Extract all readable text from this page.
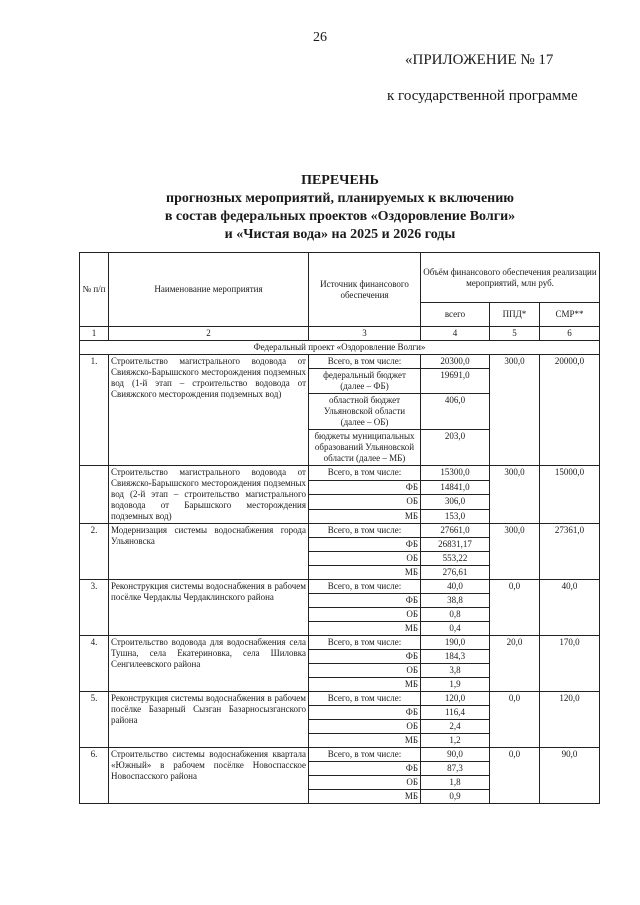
26
«ПРИЛОЖЕНИЕ № 17
к государственной программе
ПЕРЕЧЕНЬ
прогнозных мероприятий, планируемых к включению
в состав федеральных проектов «Оздоровление Волги»
и «Чистая вода» на 2025 и 2026 годы
№ п/п	Наименование мероприятия	Источник финансового обеспечения	Объём финансового обеспечения реализации мероприятий, млн руб.		
			всего	ППД*	СМР**
1	2	3	4	5	6
Федеральный проект «Оздоровление Волги»					
1.	Строительство магистрального водовода от Свияжско-Барышского месторождения подземных вод (1-й этап – строительство водовода от Свияжского месторождения подземных вод)	Всего, в том числе:	20300,0	300,0	20000,0
		федеральный бюджет (далее – ФБ)	19691,0		
		областной бюджет Ульяновской области (далее – ОБ)	406,0		
		бюджеты муниципальных образований Ульяновской области (далее – МБ)	203,0		
	Строительство магистрального водовода от Свияжско-Барышского месторождения подземных вод (2-й этап – строительство магистрального водовода от Барышского месторождения подземных вод)	Всего, в том числе:	15300,0	300,0	15000,0
		ФБ	14841,0		
		ОБ	306,0		
		МБ	153,0		
2.	Модернизация системы водоснабжения города Ульяновска	Всего, в том числе:	27661,0	300,0	27361,0
		ФБ	26831,17		
		ОБ	553,22		
		МБ	276,61		
3.	Реконструкция системы водоснабжения в рабочем посёлке Чердаклы Чердаклинского района	Всего, в том числе:	40,0	0,0	40,0
		ФБ	38,8		
		ОБ	0,8		
		МБ	0,4		
4.	Строительство водовода для водоснабжения села Тушна, села Екатериновка, села Шиловка Сенгилеевского района	Всего, в том числе:	190,0	20,0	170,0
		ФБ	184,3		
		ОБ	3,8		
		МБ	1,9		
5.	Реконструкция системы водоснабжения в рабочем посёлке Базарный Сызган Базарносызганского района	Всего, в том числе:	120,0	0,0	120,0
		ФБ	116,4		
		ОБ	2,4		
		МБ	1,2		
6.	Строительство системы водоснабжения квартала «Южный» в рабочем посёлке Новоспасское Новоспасского района	Всего, в том числе:	90,0	0,0	90,0
		ФБ	87,3		
		ОБ	1,8		
		МБ	0,9		
